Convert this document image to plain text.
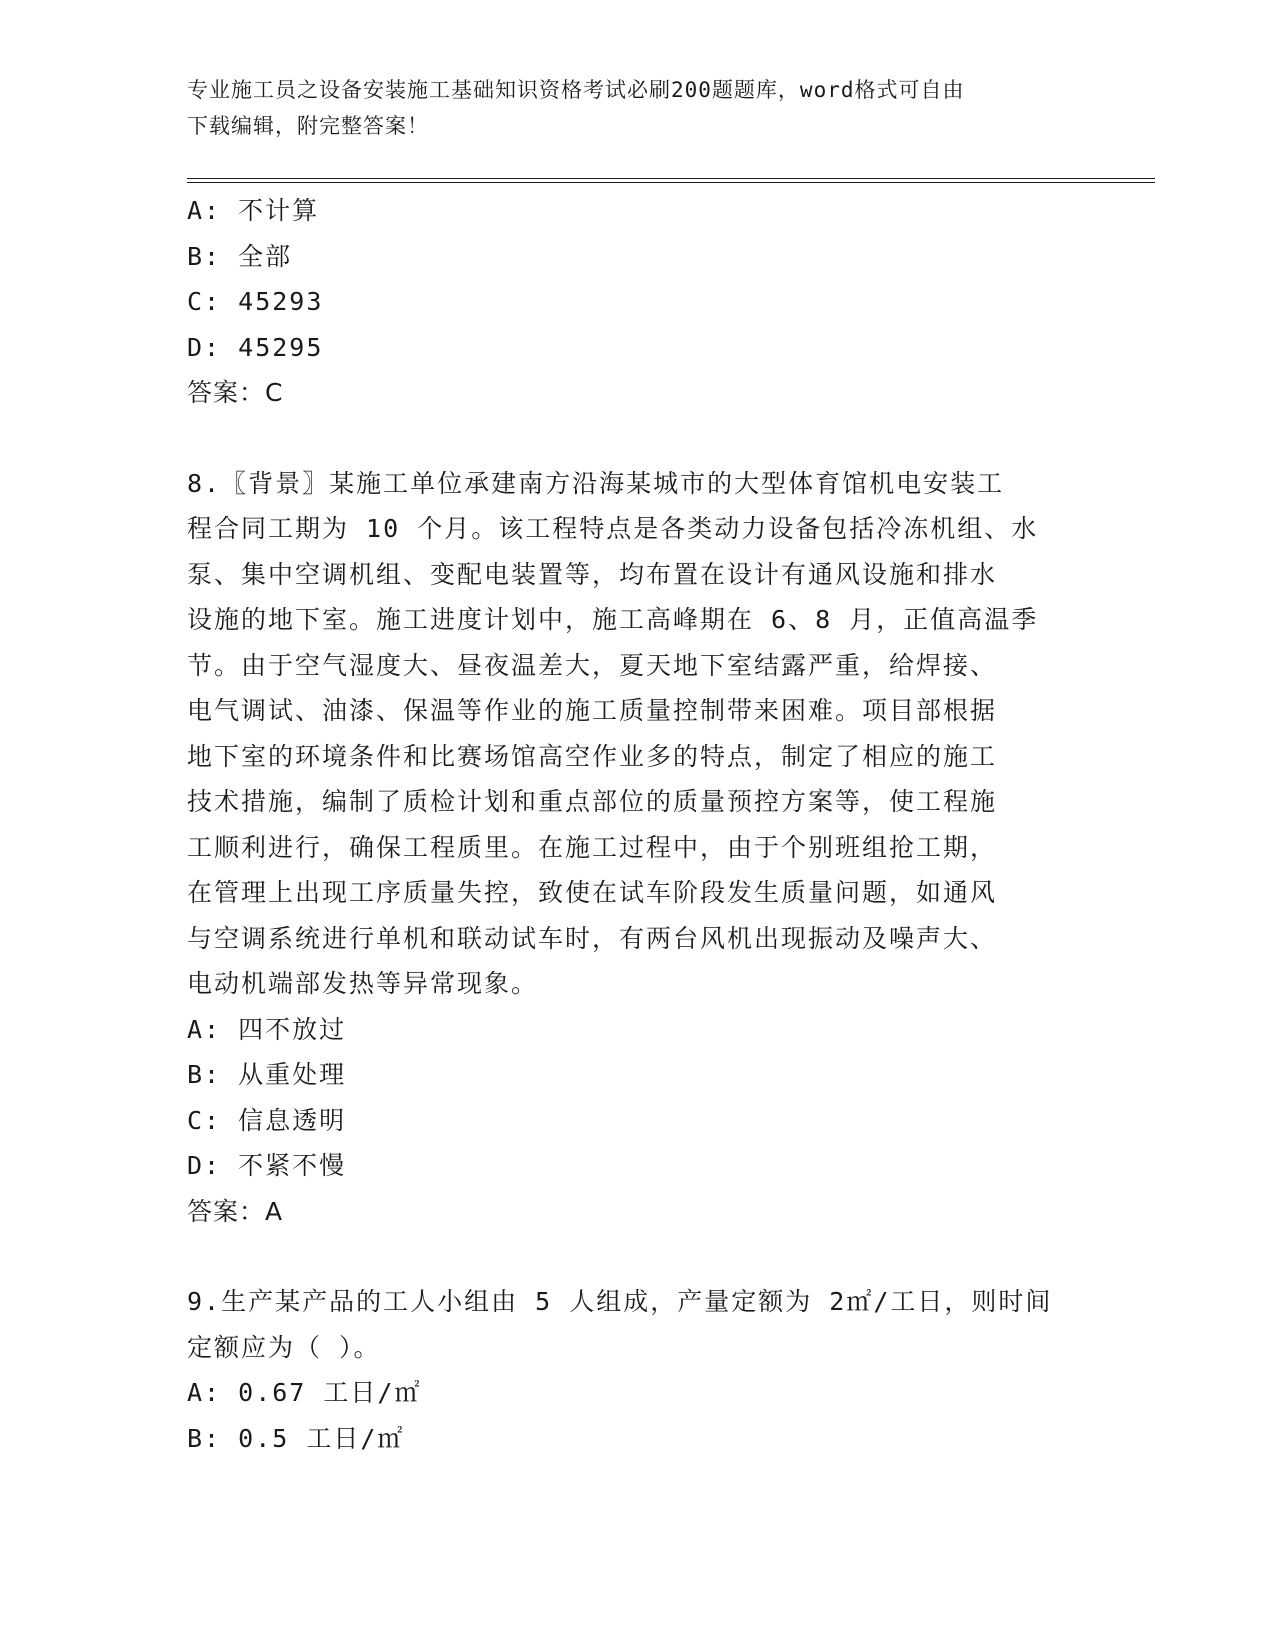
专业施工员之设备安装施工基础知识资格考试必刷200题题库，word格式可自由
下载编辑，附完整答案！

A: 不计算

B: 全部

C: 45293

D: 45295

答案：C

8.〖背景〗某施工单位承建南方沿海某城市的大型体育馆机电安装工

程合同工期为 10 个月。该工程特点是各类动力设备包括冷冻机组、水

泵、集中空调机组、变配电装置等，均布置在设计有通风设施和排水

设施的地下室。施工进度计划中，施工高峰期在 6、8 月，正值高温季

节。由于空气湿度大、昼夜温差大，夏天地下室结露严重，给焊接、

电气调试、油漆、保温等作业的施工质量控制带来困难。项目部根据

地下室的环境条件和比赛场馆高空作业多的特点，制定了相应的施工

技术措施，编制了质检计划和重点部位的质量预控方案等，使工程施

工顺利进行，确保工程质里。在施工过程中，由于个别班组抢工期，

在管理上出现工序质量失控，致使在试车阶段发生质量问题，如通风

与空调系统进行单机和联动试车时，有两台风机出现振动及噪声大、

电动机端部发热等异常现象。

A: 四不放过

B: 从重处理

C: 信息透明

D: 不紧不慢

答案：A

9.生产某产品的工人小组由 5 人组成，产量定额为 2㎡/工日，则时间

定额应为（ ）。

A: 0.67 工日/㎡

B: 0.5 工日/㎡
